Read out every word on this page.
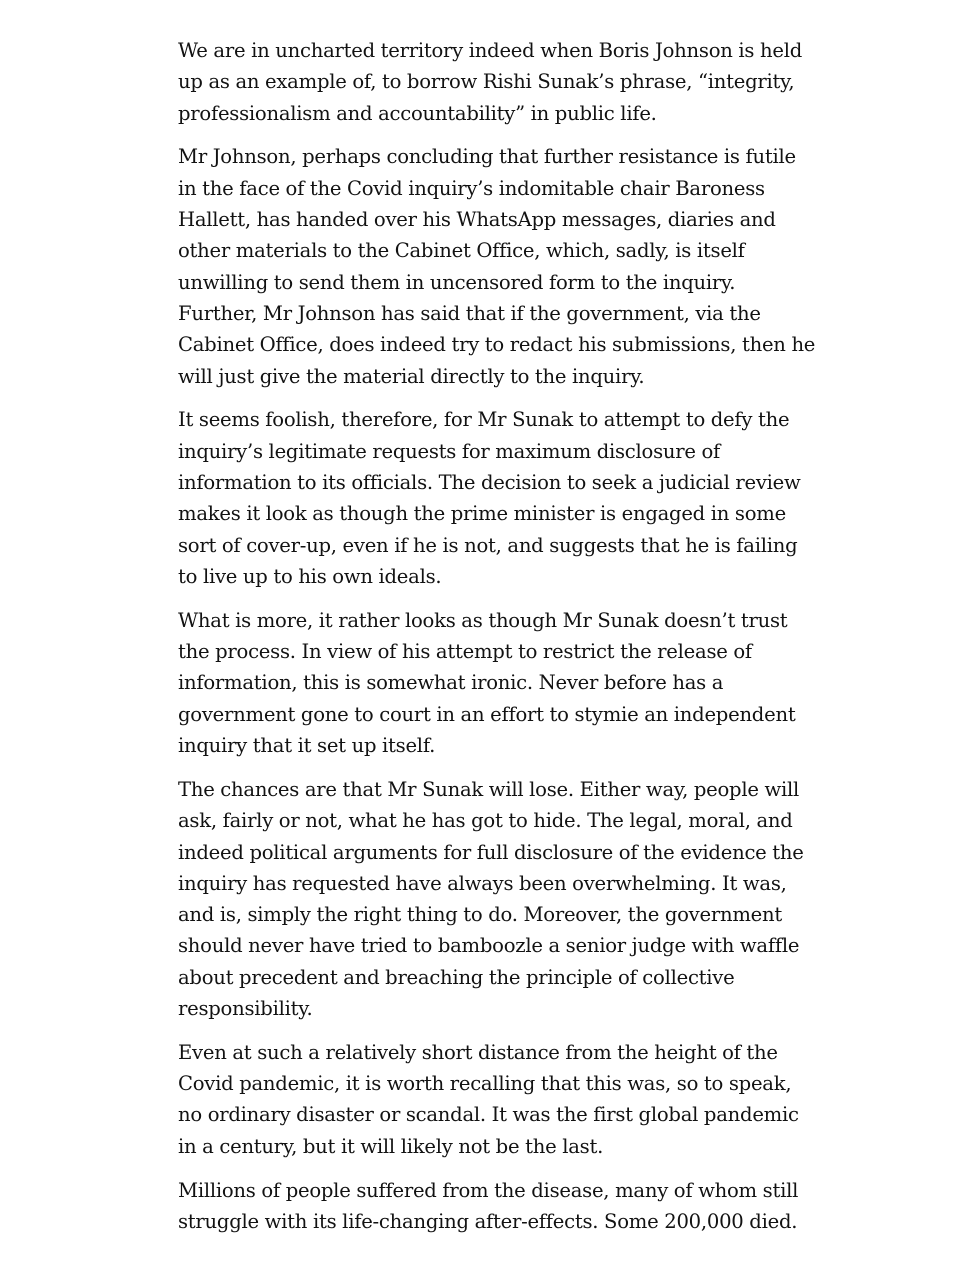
We are in uncharted territory indeed when Boris Johnson is held up as an example of, to borrow Rishi Sunak’s phrase, “integrity, professionalism and accountability” in public life.

Mr Johnson, perhaps concluding that further resistance is futile in the face of the Covid inquiry’s indomitable chair Baroness Hallett, has handed over his WhatsApp messages, diaries and other materials to the Cabinet Office, which, sadly, is itself unwilling to send them in uncensored form to the inquiry. Further, Mr Johnson has said that if the government, via the Cabinet Office, does indeed try to redact his submissions, then he will just give the material directly to the inquiry.

It seems foolish, therefore, for Mr Sunak to attempt to defy the inquiry’s legitimate requests for maximum disclosure of information to its officials. The decision to seek a judicial review makes it look as though the prime minister is engaged in some sort of cover-up, even if he is not, and suggests that he is failing to live up to his own ideals.

What is more, it rather looks as though Mr Sunak doesn’t trust the process. In view of his attempt to restrict the release of information, this is somewhat ironic. Never before has a government gone to court in an effort to stymie an independent inquiry that it set up itself.

The chances are that Mr Sunak will lose. Either way, people will ask, fairly or not, what he has got to hide. The legal, moral, and indeed political arguments for full disclosure of the evidence the inquiry has requested have always been overwhelming. It was, and is, simply the right thing to do. Moreover, the government should never have tried to bamboozle a senior judge with waffle about precedent and breaching the principle of collective responsibility.

Even at such a relatively short distance from the height of the Covid pandemic, it is worth recalling that this was, so to speak, no ordinary disaster or scandal. It was the first global pandemic in a century, but it will likely not be the last.

Millions of people suffered from the disease, many of whom still struggle with its life-changing after-effects. Some 200,000 died.
